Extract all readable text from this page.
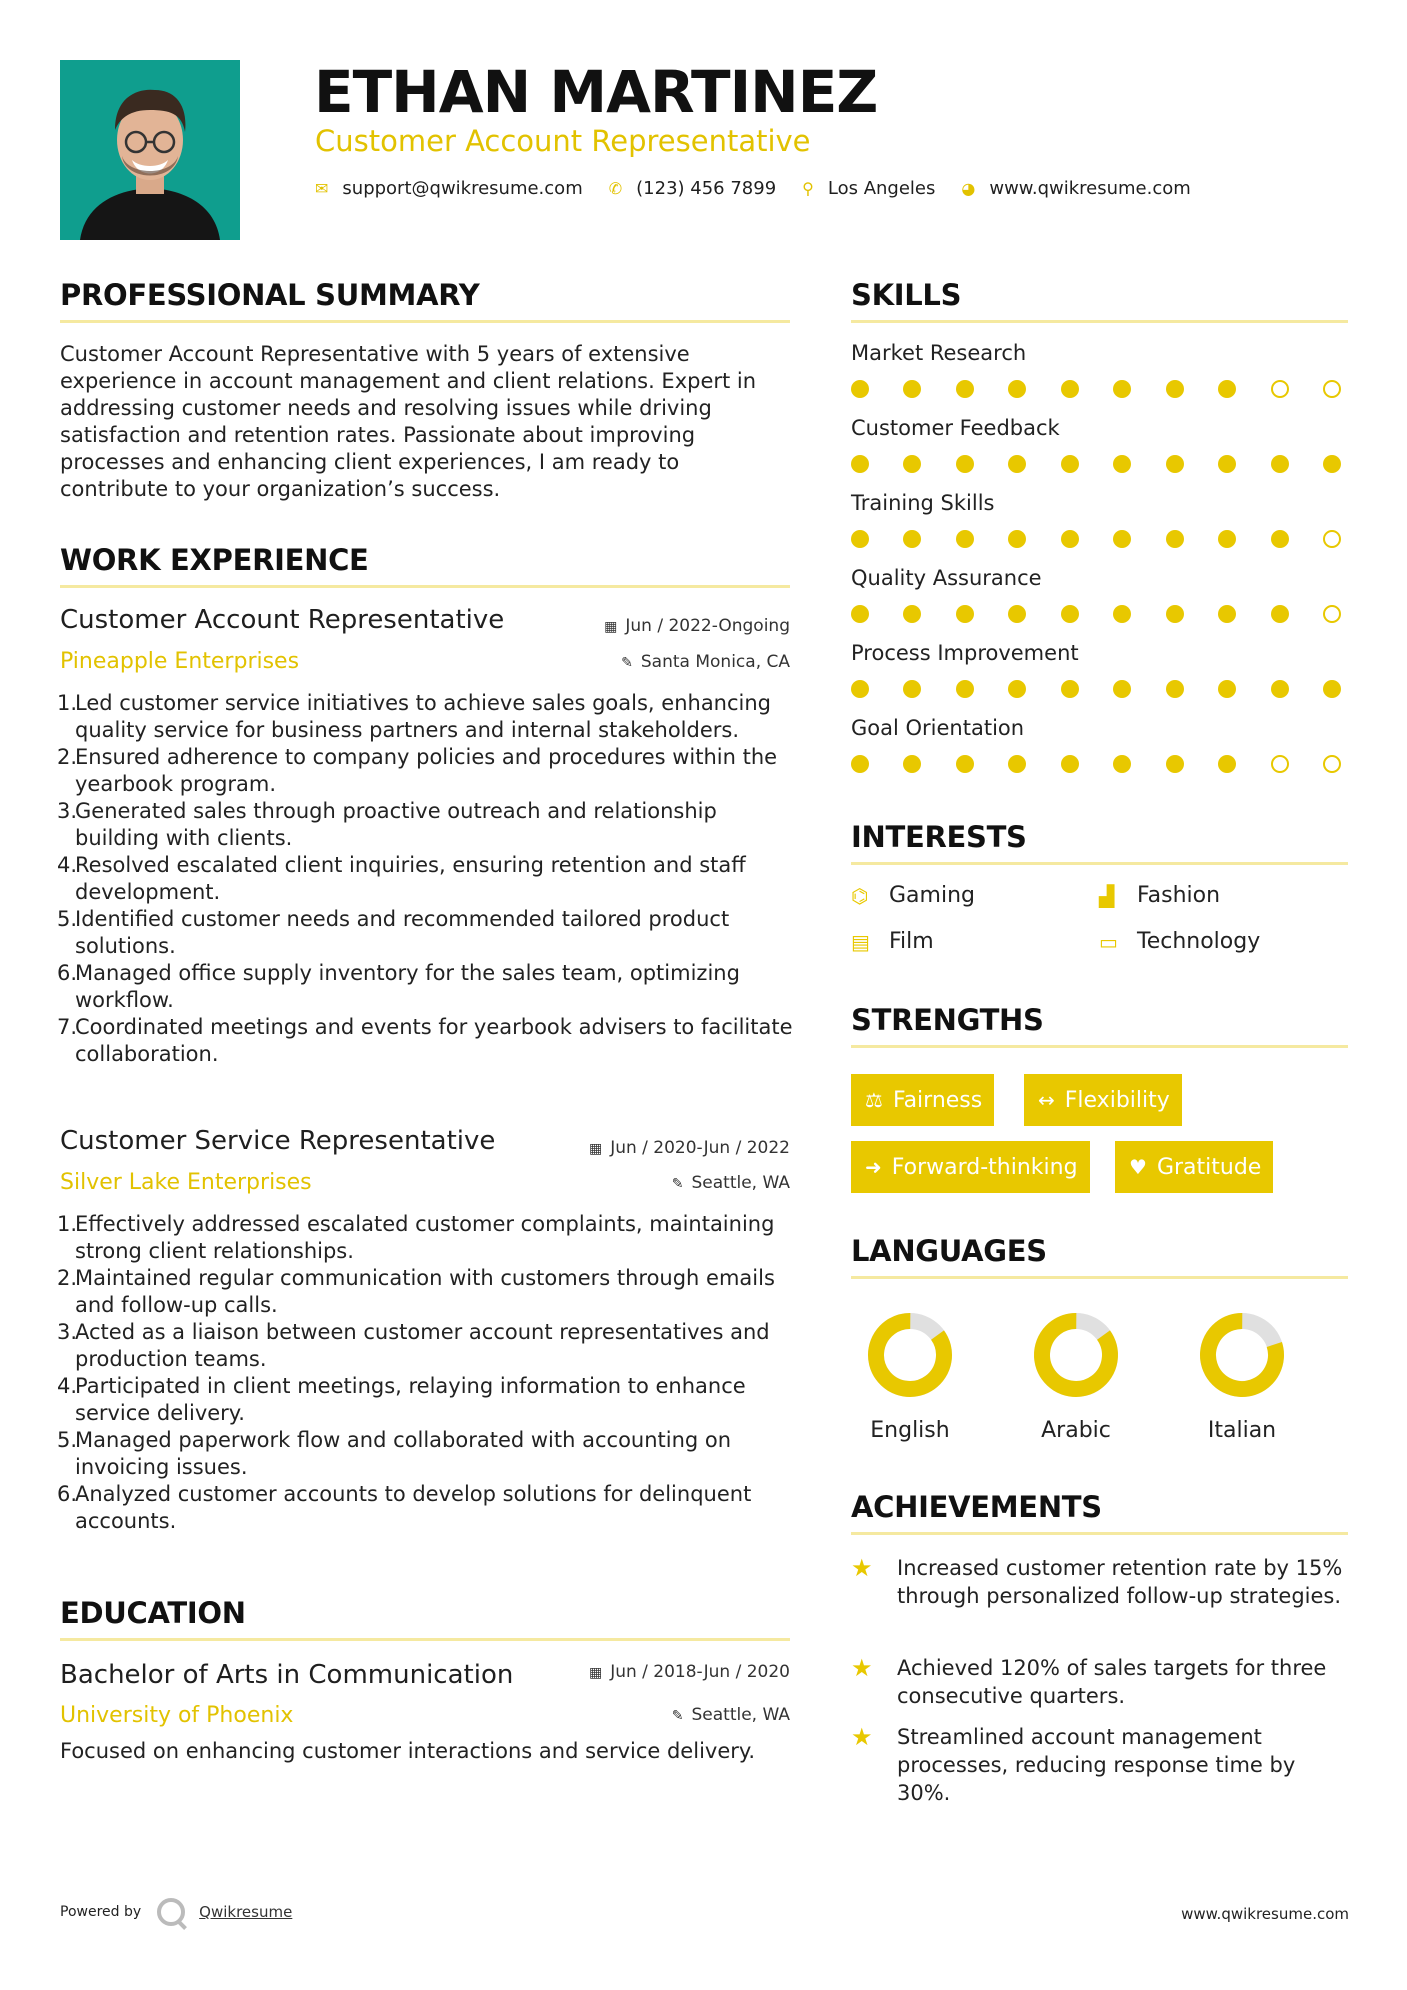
ETHAN MARTINEZ
Customer Account Representative
✉ support@qwikresume.com ✆ (123) 456 7899 ⚲ Los Angeles ◕ www.qwikresume.com
PROFESSIONAL SUMMARY
Customer Account Representative with 5 years of extensive experience in account management and client relations. Expert in addressing customer needs and resolving issues while driving satisfaction and retention rates. Passionate about improving processes and enhancing client experiences, I am ready to contribute to your organization’s success.
WORK EXPERIENCE
Customer Account Representative	▦ Jun / 2022-Ongoing
Pineapple Enterprises	✎ Santa Monica, CA
1.
Led customer service initiatives to achieve sales goals, enhancing quality service for business partners and internal stakeholders.
2.
Ensured adherence to company policies and procedures within the yearbook program.
3.
Generated sales through proactive outreach and relationship building with clients.
4.
Resolved escalated client inquiries, ensuring retention and staff development.
5.
Identified customer needs and recommended tailored product solutions.
6.
Managed office supply inventory for the sales team, optimizing workflow.
7.
Coordinated meetings and events for yearbook advisers to facilitate collaboration.
Customer Service Representative	▦ Jun / 2020-Jun / 2022
Silver Lake Enterprises	✎ Seattle, WA
1.
Effectively addressed escalated customer complaints, maintaining strong client relationships.
2.
Maintained regular communication with customers through emails and follow-up calls.
3.
Acted as a liaison between customer account representatives and production teams.
4.
Participated in client meetings, relaying information to enhance service delivery.
5.
Managed paperwork flow and collaborated with accounting on invoicing issues.
6.
Analyzed customer accounts to develop solutions for delinquent accounts.
EDUCATION
Bachelor of Arts in Communication	▦ Jun / 2018-Jun / 2020
University of Phoenix	✎ Seattle, WA
Focused on enhancing customer interactions and service delivery.
SKILLS
Market Research
Customer Feedback
Training Skills
Quality Assurance
Process Improvement
Goal Orientation
INTERESTS
⌬ Gaming	▟	Fashion
▤ Film	▭ Technology
STRENGTHS
⚖ Fairness	↔ Flexibility
➜ Forward-thinking	♥ Gratitude
LANGUAGES
English	Arabic	Italian
ACHIEVEMENTS
★	Increased customer retention rate by 15% through personalized follow-up strategies.
★	Achieved 120% of sales targets for three consecutive quarters.
★	Streamlined account management processes, reducing response time by 30%.
Powered by	Qwikresume	www.qwikresume.com
